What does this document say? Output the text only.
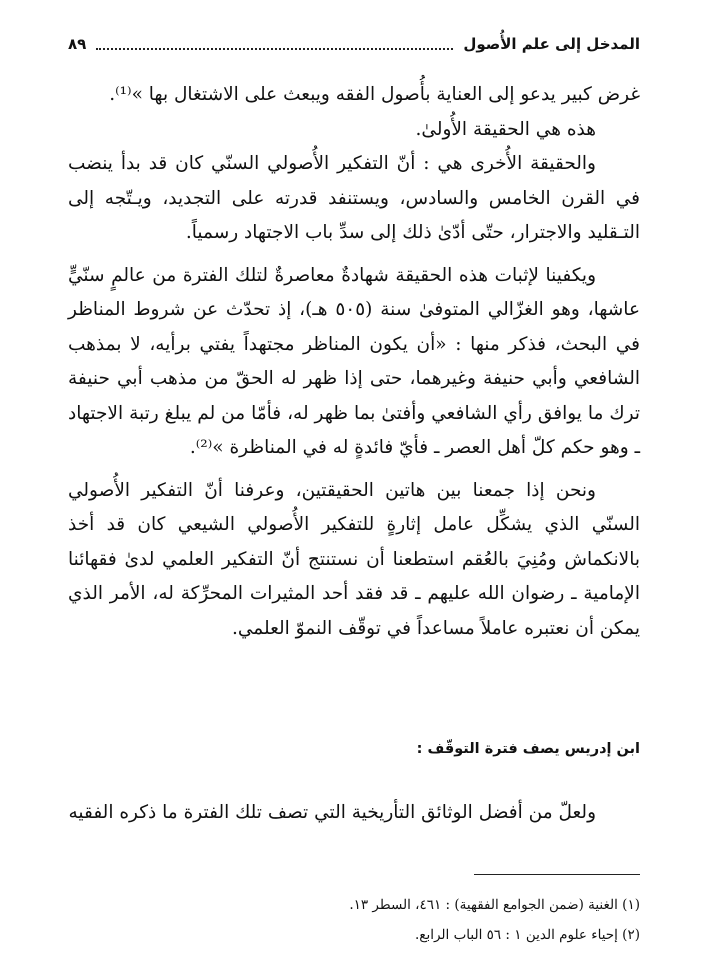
المدخل إلى علم الأُصول
٨٩

غرض كبير يدعو إلى العناية بأُصول الفقه ويبعث على الاشتغال بها »⁽¹⁾.

هذه هي الحقيقة الأُولىٰ.

والحقيقة الأُخرى هي : أنّ التفكير الأُصولي السنّي كان قد بدأ ينضب في القرن الخامس والسادس، ويستنفد قدرته على التجديد، ويـتّجه إلى التـقليد والاجترار، حتّى أدّىٰ ذلك إلى سدِّ باب الاجتهاد رسمياً.

ويكفينا لإثبات هذه الحقيقة شهادةٌ معاصرةٌ لتلك الفترة من عالمٍ سنّيٍّ عاشها، وهو الغزّالي المتوفىٰ سنة (٥٠٥ هـ)، إذ تحدّث عن شروط المناظر في البحث، فذكر منها : «أن يكون المناظر مجتهداً يفتي برأيه، لا بمذهب الشافعي وأبي حنيفة وغيرهما، حتى إذا ظهر له الحقّ من مذهب أبي حنيفة ترك ما يوافق رأي الشافعي وأفتىٰ بما ظهر له، فأمّا من لم يبلغ رتبة الاجتهاد ـ وهو حكم كلّ أهل العصر ـ فأيّ فائدةٍ له في المناظرة »⁽²⁾.

ونحن إذا جمعنا بين هاتين الحقيقتين، وعرفنا أنّ التفكير الأُصولي السنّي الذي يشكِّل عامل إثارةٍ للتفكير الأُصولي الشيعي كان قد أخذ بالانكماش ومُنِيَ بالعُقم استطعنا أن نستنتج أنّ التفكير العلمي لدىٰ فقهائنا الإمامية ـ رضوان الله عليهم ـ قد فقد أحد المثيرات المحرِّكة له، الأمر الذي يمكن أن نعتبره عاملاً مساعداً في توقّف النموّ العلمي.

ابن إدريس يصف فترة التوقّف :
ولعلّ من أفضل الوثائق التأريخية التي تصف تلك الفترة ما ذكره الفقيه
(١) الغنية (ضمن الجوامع الفقهية) : ٤٦١، السطر ١٣.
(٢) إحياء علوم الدين ١ : ٥٦ الباب الرابع.
